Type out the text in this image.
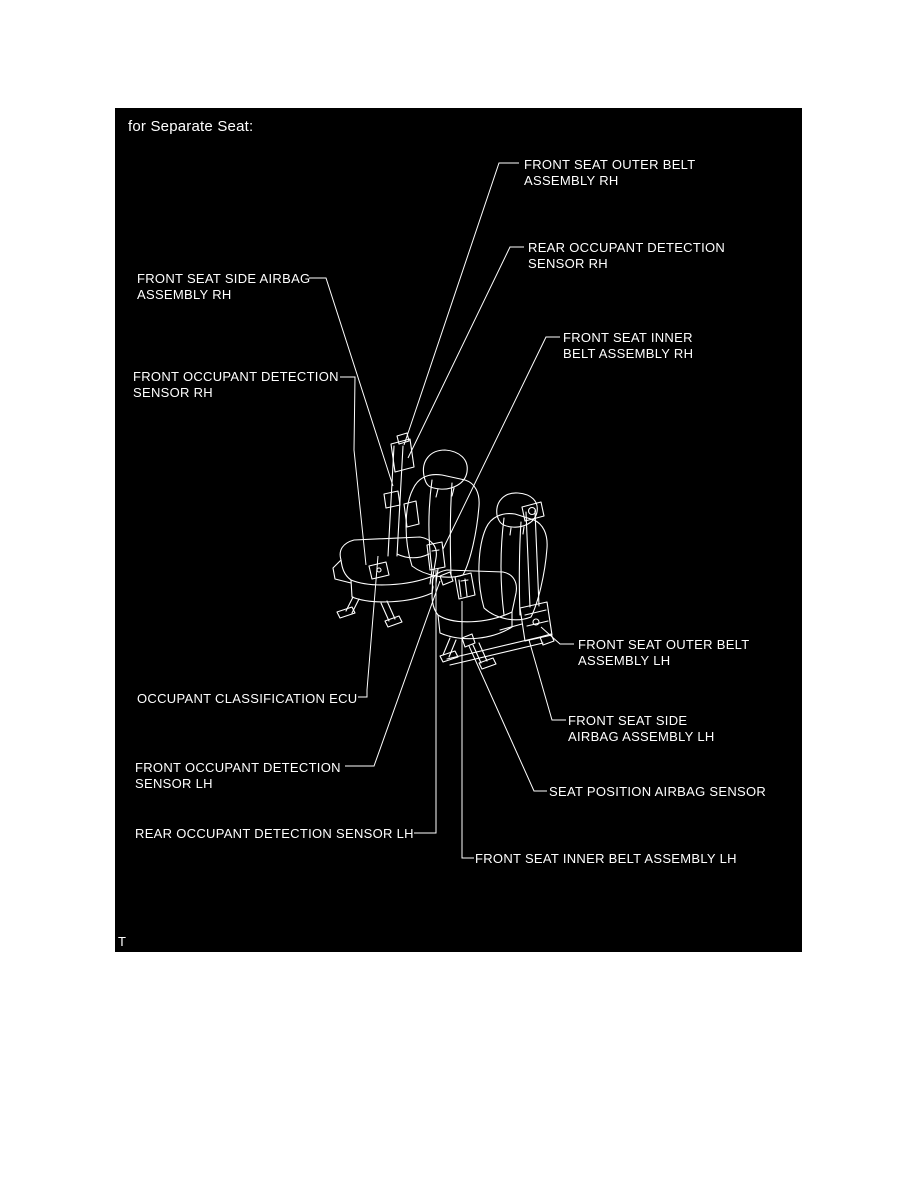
for Separate Seat:
FRONT SEAT OUTER BELT
ASSEMBLY RH
REAR OCCUPANT DETECTION
SENSOR RH
FRONT SEAT SIDE AIRBAG
ASSEMBLY RH
FRONT SEAT INNER
BELT ASSEMBLY RH
FRONT OCCUPANT DETECTION
SENSOR RH
FRONT SEAT OUTER BELT
ASSEMBLY LH
OCCUPANT CLASSIFICATION ECU
FRONT SEAT SIDE
AIRBAG ASSEMBLY LH
FRONT OCCUPANT DETECTION
SENSOR LH
SEAT POSITION AIRBAG SENSOR
REAR OCCUPANT DETECTION SENSOR LH
FRONT SEAT INNER BELT ASSEMBLY LH
T
